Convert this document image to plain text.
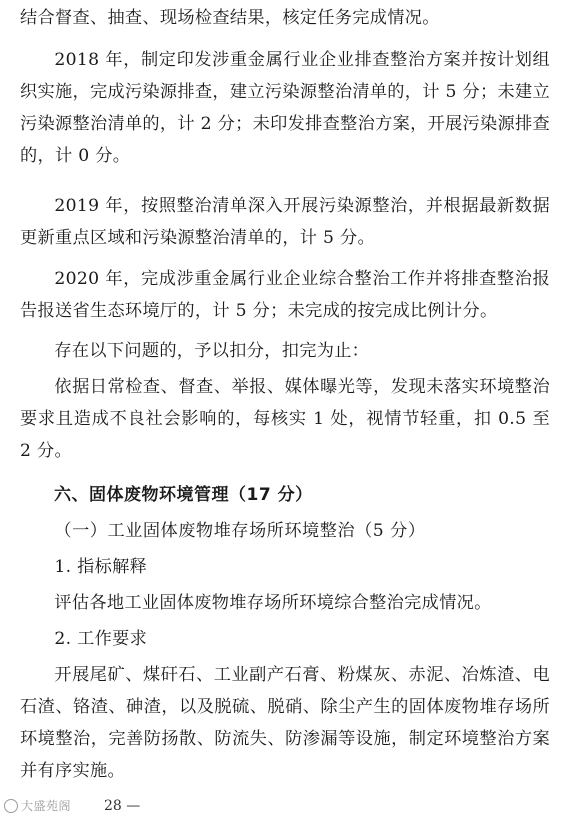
结合督查、抽查、现场检查结果，核定任务完成情况。

2018 年，制定印发涉重金属行业企业排查整治方案并按计划组织实施，完成污染源排查，建立污染源整治清单的，计 5 分；未建立污染源整治清单的，计 2 分；未印发排查整治方案，开展污染源排查的，计 0 分。

2019 年，按照整治清单深入开展污染源整治，并根据最新数据更新重点区域和污染源整治清单的，计 5 分。

2020 年，完成涉重金属行业企业综合整治工作并将排查整治报告报送省生态环境厅的，计 5 分；未完成的按完成比例计分。

存在以下问题的，予以扣分，扣完为止：

依据日常检查、督查、举报、媒体曝光等，发现未落实环境整治要求且造成不良社会影响的，每核实 1 处，视情节轻重，扣 0.5 至 2 分。

六、固体废物环境管理（17 分）

（一）工业固体废物堆存场所环境整治（5 分）

1. 指标解释

评估各地工业固体废物堆存场所环境综合整治完成情况。

2. 工作要求

开展尾矿、煤矸石、工业副产石膏、粉煤灰、赤泥、冶炼渣、电石渣、铬渣、砷渣，以及脱硫、脱硝、除尘产生的固体废物堆存场所环境整治，完善防扬散、防流失、防渗漏等设施，制定环境整治方案并有序实施。

大盛苑阁 28 —
